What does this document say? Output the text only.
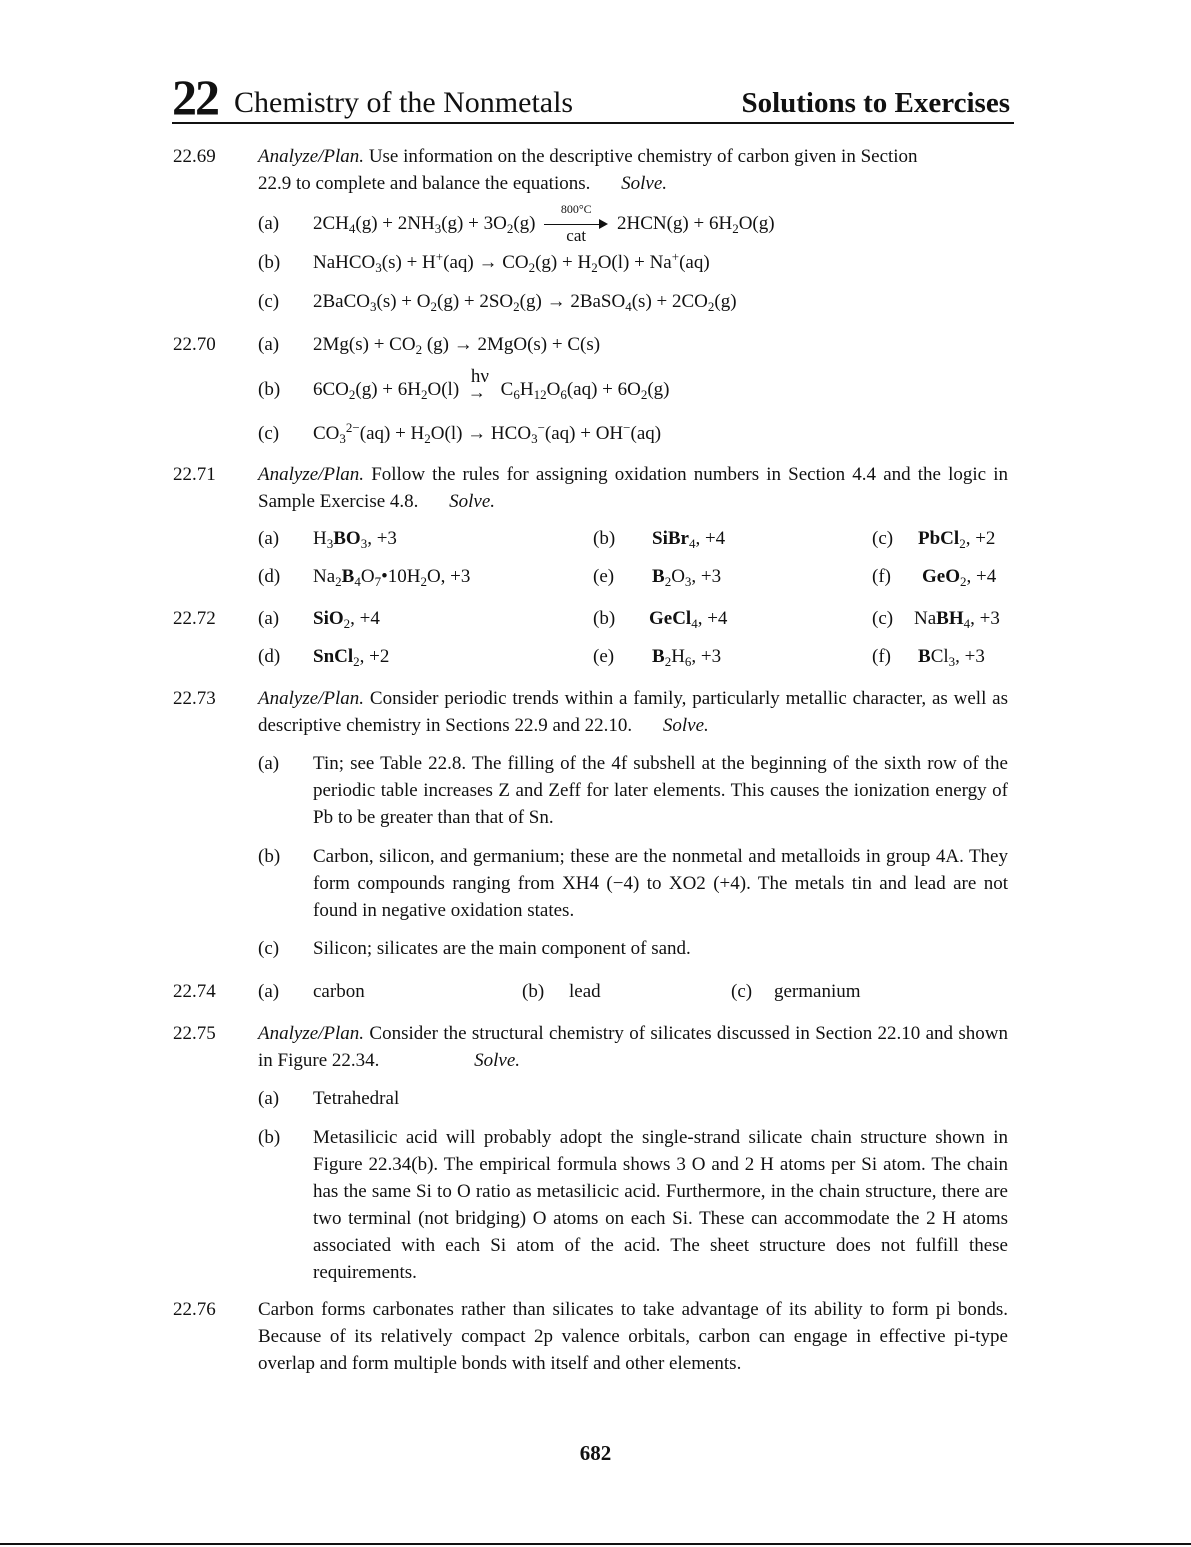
22 Chemistry of the Nonmetals	Solutions to Exercises
22.69 Analyze/Plan. Use information on the descriptive chemistry of carbon given in Section 22.9 to complete and balance the equations. Solve.
(a) $2CH_4(g) + 2NH_3(g) + 3O_2(g)$
800°C
cat
$2HCN(g) + 6H_2O(g)$
(b) NaHCO$_3$(s) + $H^+(aq) \to CO_2(g) + H_2O(l) + Na^+(aq)$
(c) 2BaCO$_3$(s) + $O_2(g) + 2SO_2(g)$ → 2BaSO$_4$(s) + $2CO_2(g)$
22.70 (a) $2Mg(s) + CO_2$ (g) → 2MgO(s) + C(s)
(b) $6CO_2(g) + 6H_2O(l)$
hν
→ $C_6H_{12}O_6(aq) + 6O_2(g)$
(c) $CO_3^{2-}(aq) + H_2O(l) \to HCO_3^-(aq) + OH^-(aq)$
22.71 Analyze/Plan. Follow the rules for assigning oxidation numbers in Section 4.4 and the logic in Sample Exercise 4.8. Solve.
(a) $H_3BO_3$, +3	(b) SiBr$_4$, +4	(c) PbCl$_2$, +2
(d) $Na_2B_4O_7•10H_2O$, +3	(e) $B_2O_3$, +3	(f) GeO$_2$, +4
22.72 (a) SiO$_2$, +4	(b) GeCl$_4$, +4	(c) NaBH$_4$, +3
(d) SnCl$_2$, +2	(e) $B_2H_6$, +3	(f) BCl$_3$, +3
22.73 Analyze/Plan. Consider periodic trends within a family, particularly metallic character, as well as descriptive chemistry in Sections 22.9 and 22.10. Solve.
(a) Tin; see Table 22.8. The filling of the 4f subshell at the beginning of the sixth row of the periodic table increases Z and Zeff for later elements. This causes the ionization energy of Pb to be greater than that of Sn.
(b) Carbon, silicon, and germanium; these are the nonmetal and metalloids in group 4A. They form compounds ranging from XH4 (−4) to XO2 (+4). The metals tin and lead are not found in negative oxidation states.
(c) Silicon; silicates are the main component of sand.
22.74 (a) carbon	(b) lead	(c) germanium
22.75 Analyze/Plan. Consider the structural chemistry of silicates discussed in Section 22.10 and shown in Figure 22.34.	Solve.
(a) Tetrahedral
(b) Metasilicic acid will probably adopt the single-strand silicate chain structure shown in Figure 22.34(b). The empirical formula shows 3 O and 2 H atoms per Si atom. The chain has the same Si to O ratio as metasilicic acid. Furthermore, in the chain structure, there are two terminal (not bridging) O atoms on each Si. These can accommodate the 2 H atoms associated with each Si atom of the acid. The sheet structure does not fulfill these requirements.
22.76 Carbon forms carbonates rather than silicates to take advantage of its ability to form pi bonds. Because of its relatively compact 2p valence orbitals, carbon can engage in effective pi-type overlap and form multiple bonds with itself and other elements.
682
